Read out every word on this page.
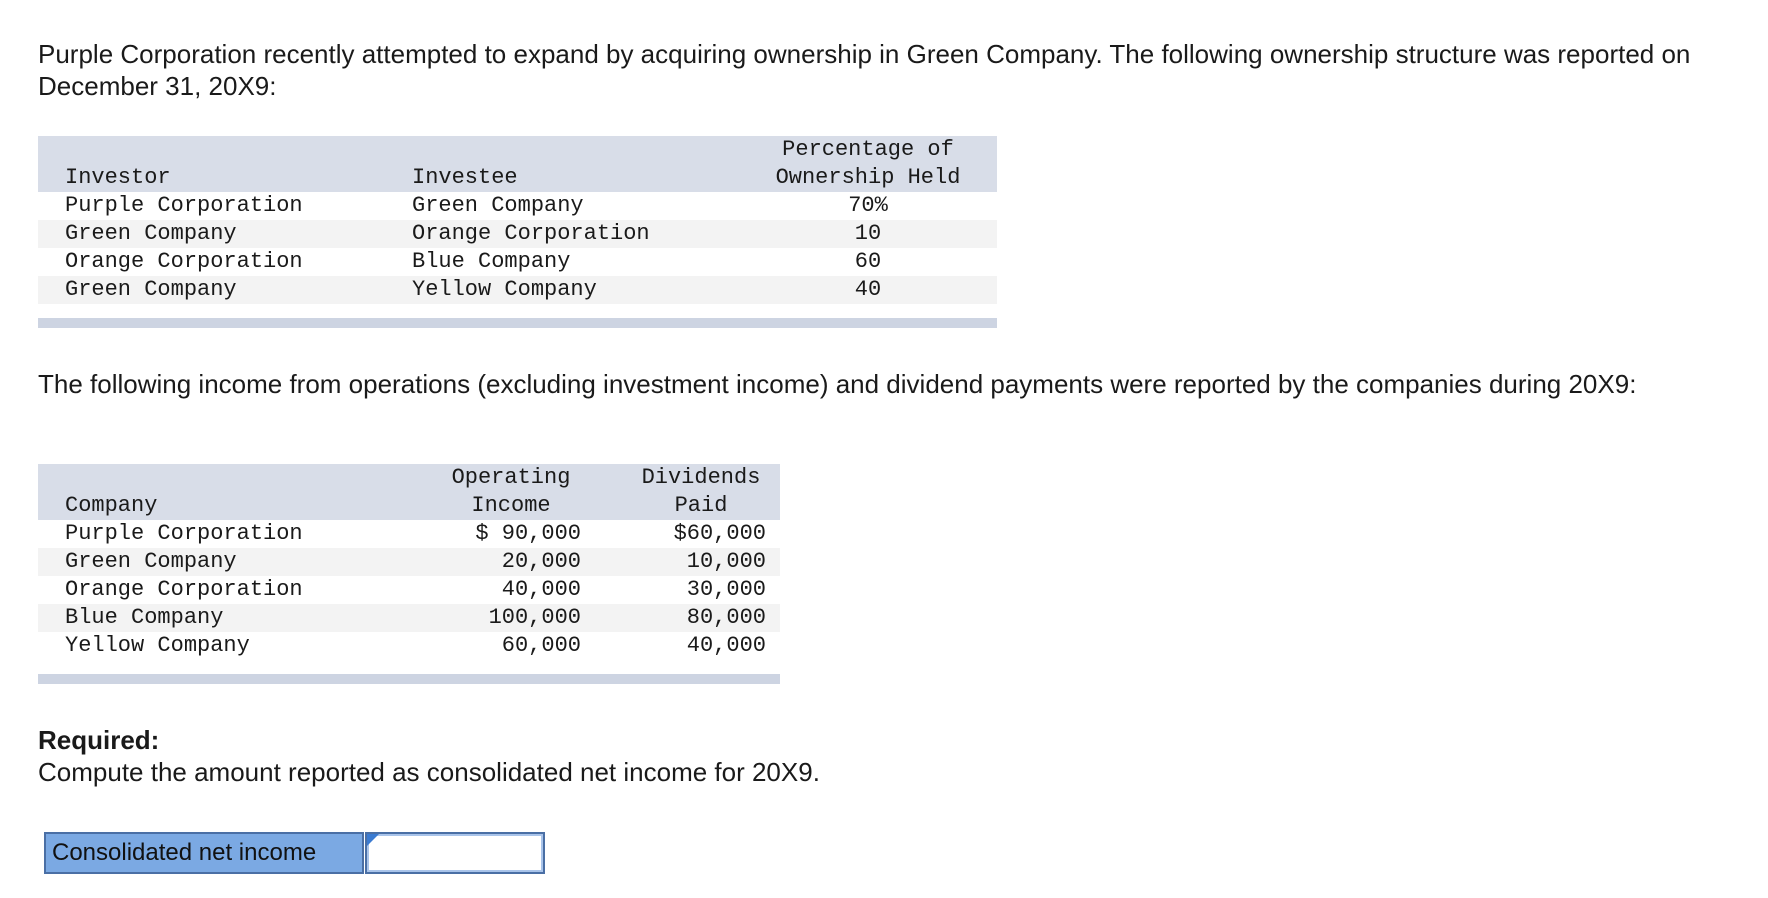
Purple Corporation recently attempted to expand by acquiring ownership in Green Company. The following ownership structure was reported on December 31, 20X9:

Percentage of
Investor	Investee	Ownership Held
Purple Corporation	Green Company	70%
Green Company	Orange Corporation	10
Orange Corporation	Blue Company	60
Green Company	Yellow Company	40

The following income from operations (excluding investment income) and dividend payments were reported by the companies during 20X9:

Operating	Dividends
Company	Income	Paid
Purple Corporation	$ 90,000	$60,000
Green Company	20,000	10,000
Orange Corporation	40,000	30,000
Blue Company	100,000	80,000
Yellow Company	60,000	40,000
Required:
Compute the amount reported as consolidated net income for 20X9.
Consolidated net income
